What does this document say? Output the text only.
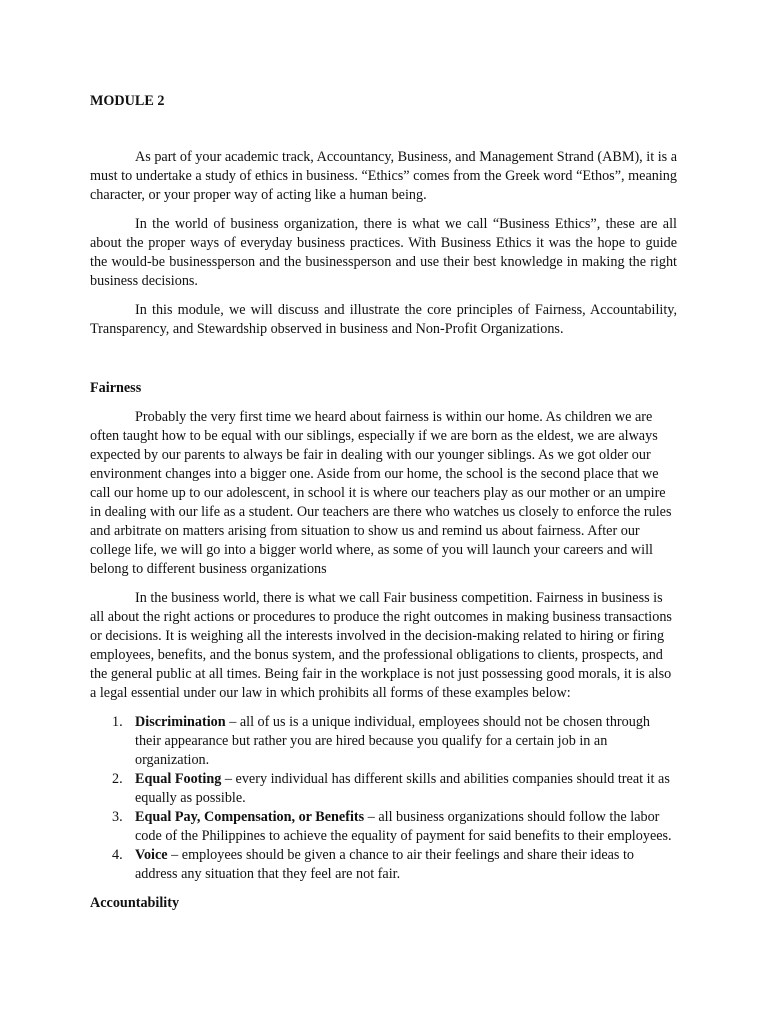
MODULE 2

As part of your academic track, Accountancy, Business, and Management Strand (ABM), it is a must to undertake a study of ethics in business. “Ethics” comes from the Greek word “Ethos”, meaning character, or your proper way of acting like a human being.

In the world of business organization, there is what we call “Business Ethics”, these are all about the proper ways of everyday business practices. With Business Ethics it was the hope to guide the would-be businessperson and the businessperson and use their best knowledge in making the right business decisions.

In this module, we will discuss and illustrate the core principles of Fairness, Accountability, Transparency, and Stewardship observed in business and Non-Profit Organizations.

Fairness

Probably the very first time we heard about fairness is within our home. As children we are often taught how to be equal with our siblings, especially if we are born as the eldest, we are always expected by our parents to always be fair in dealing with our younger siblings. As we got older our environment changes into a bigger one. Aside from our home, the school is the second place that we call our home up to our adolescent, in school it is where our teachers play as our mother or an umpire in dealing with our life as a student. Our teachers are there who watches us closely to enforce the rules and arbitrate on matters arising from situation to show us and remind us about fairness. After our college life, we will go into a bigger world where, as some of you will launch your careers and will belong to different business organizations

In the business world, there is what we call Fair business competition. Fairness in business is all about the right actions or procedures to produce the right outcomes in making business transactions or decisions. It is weighing all the interests involved in the decision-making related to hiring or firing employees, benefits, and the bonus system, and the professional obligations to clients, prospects, and the general public at all times. Being fair in the workplace is not just possessing good morals, it is also a legal essential under our law in which prohibits all forms of these examples below:

1. Discrimination – all of us is a unique individual, employees should not be chosen through their appearance but rather you are hired because you qualify for a certain job in an organization.
2. Equal Footing – every individual has different skills and abilities companies should treat it as equally as possible.
3. Equal Pay, Compensation, or Benefits – all business organizations should follow the labor code of the Philippines to achieve the equality of payment for said benefits to their employees.
4. Voice – employees should be given a chance to air their feelings and share their ideas to address any situation that they feel are not fair.

Accountability
